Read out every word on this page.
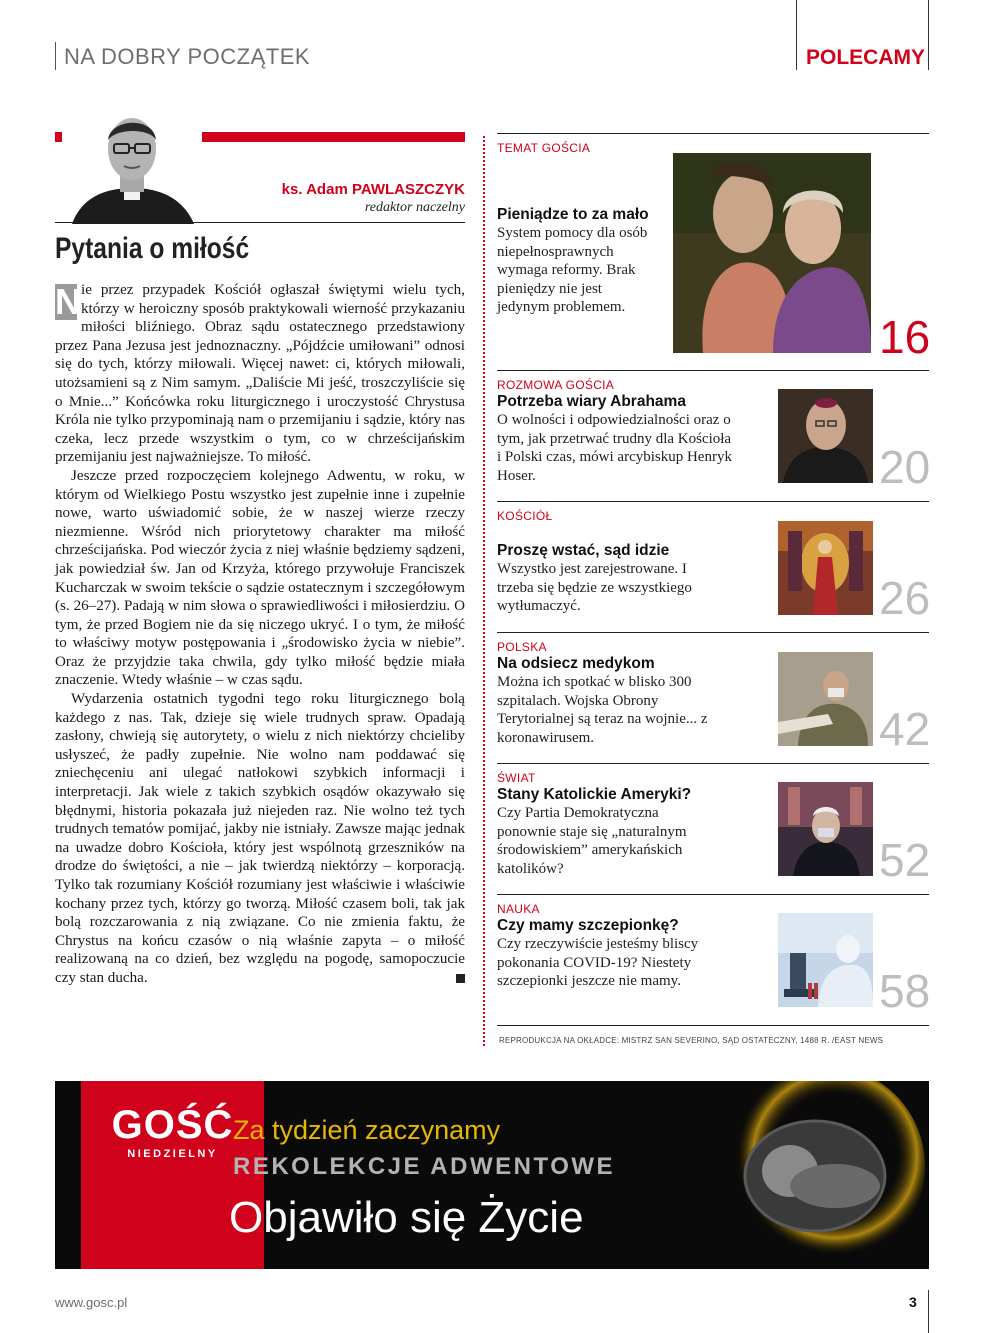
NA DOBRY POCZĄTEK	POLECAMY
ks. Adam PAWLASZCZYK
redaktor naczelny
Pytania o miłość

N ie przez przypadek Kościół ogłaszał świętymi wielu tych, którzy w heroiczny sposób praktykowali wierność przykazaniu miłości bliźniego. Obraz sądu ostatecznego przedstawiony przez Pana Jezusa jest jednoznaczny. „Pójdźcie umiłowani” odnosi się do tych, którzy miłowali. Więcej nawet: ci, których miłowali, utożsamieni są z Nim samym. „Daliście Mi jeść, troszczyliście się o Mnie...” Końcówka roku liturgicznego i uroczystość Chrystusa Króla nie tylko przypominają nam o przemijaniu i sądzie, który nas czeka, lecz przede wszystkim o tym, co w chrześcijańskim przemijaniu jest najważniejsze. To miłość.

Jeszcze przed rozpoczęciem kolejnego Adwentu, w roku, w którym od Wielkiego Postu wszystko jest zupełnie inne i zupełnie nowe, warto uświadomić sobie, że w naszej wierze rzeczy niezmienne. Wśród nich priorytetowy charakter ma miłość chrześcijańska. Pod wieczór życia z niej właśnie będziemy sądzeni, jak powiedział św. Jan od Krzyża, którego przywołuje Franciszek Kucharczak w swoim tekście o sądzie ostatecznym i szczegółowym (s. 26–27). Padają w nim słowa o sprawiedliwości i miłosierdziu. O tym, że przed Bogiem nie da się niczego ukryć. I o tym, że miłość to właściwy motyw postępowania i „środowisko życia w niebie”. Oraz że przyjdzie taka chwila, gdy tylko miłość będzie miała znaczenie. Wtedy właśnie – w czas sądu.

Wydarzenia ostatnich tygodni tego roku liturgicznego bolą każdego z nas. Tak, dzieje się wiele trudnych spraw. Opadają zasłony, chwieją się autorytety, o wielu z nich niektórzy chcieliby usłyszeć, że padły zupełnie. Nie wolno nam poddawać się zniechęceniu ani ulegać natłokowi szybkich informacji i interpretacji. Jak wiele z takich szybkich osądów okazywało się błędnymi, historia pokazała już niejeden raz. Nie wolno też tych trudnych tematów pomijać, jakby nie istniały. Zawsze mając jednak na uwadze dobro Kościoła, który jest wspólnotą grzeszników na drodze do świętości, a nie – jak twierdzą niektórzy – korporacją. Tylko tak rozumiany Kościół rozumiany jest właściwie i właściwie kochany przez tych, którzy go tworzą. Miłość czasem boli, tak jak bolą rozczarowania z nią związane. Co nie zmienia faktu, że Chrystus na końcu czasów o nią właśnie zapyta – o miłość realizowaną na co dzień, bez względu na pogodę, samopoczucie czy stan ducha.

TEMAT GOŚCIA
Pieniądze to za mało
System pomocy dla osób niepełnosprawnych wymaga reformy. Brak pieniędzy nie jest jedynym problemem.
16
ROZMOWA GOŚCIA
Potrzeba wiary Abrahama
O wolności i odpowiedzialności oraz o tym, jak przetrwać trudny dla Kościoła i Polski czas, mówi arcybiskup Henryk Hoser.	20
KOŚCIÓŁ
Proszę wstać, sąd idzie
Wszystko jest zarejestrowane. I trzeba się będzie ze wszystkiego wytłumaczyć.	26
POLSKA
Na odsiecz medykom
Można ich spotkać w blisko 300 szpitalach. Wojska Obrony Terytorialnej są teraz na wojnie... z koronawirusem.	42
ŚWIAT
Stany Katolickie Ameryki?
Czy Partia Demokratyczna ponownie staje się „naturalnym środowiskiem” amerykańskich katolików?	52
NAUKA
Czy mamy szczepionkę?
Czy rzeczywiście jesteśmy bliscy pokonania COVID-19? Niestety szczepionki jeszcze nie mamy.	58
REPRODUKCJA NA OKŁADCE: MISTRZ SAN SEVERINO, SĄD OSTATECZNY, 1488 R. /EAST NEWS
GOŚĆ
NIEDZIELNY
Za tydzień zaczynamy
REKOLEKCJE ADWENTOWE
Objawiło się Życie
www.gosc.pl	3
